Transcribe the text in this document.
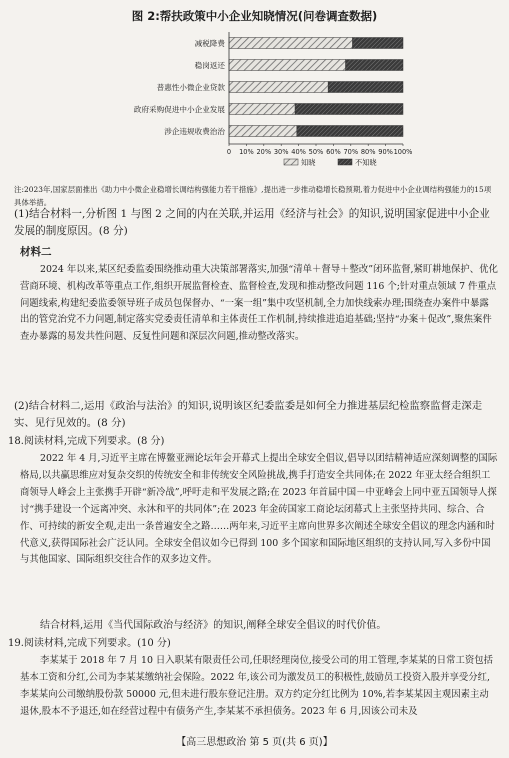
图 2:帮扶政策中小企业知晓情况(问卷调查数据)
减税降费
稳岗返还
普惠性小微企业贷款
政府采购促进中小企业发展
涉企违规收费治治
0 10% 20% 30% 40% 50% 60% 70% 80% 90% 100%
知晓	不知晓
注:2023年,国家层面推出《助力中小微企业稳增长调结构强能力若干措施》,提出进一步推动稳增长稳预期,着力促进中小企业调结构强能力的15项具体举措。
(1)结合材料一,分析图 1 与图 2 之间的内在关联,并运用《经济与社会》的知识,说明国家促进中小企业发展的制度原因。(8 分)
材料二
2024 年以来,某区纪委监委围绕推动重大决策部署落实,加强“清单＋督导＋整改”闭环监督,紧盯耕地保护、优化营商环境、机构改革等重点工作,组织开展监督检查、监督检查,发现和推动整改问题 116 个;针对重点领域 7 件重点问题线索,构建纪委监委领导班子成员包保督办、“一案一组”集中攻坚机制,全力加快线索办理;围绕查办案件中暴露出的管党治党不力问题,制定落实党委责任清单和主体责任工作机制,持续推进追追基础;坚持“办案＋促改”,聚焦案件查办暴露的易发共性问题、反复性问题和深层次问题,推动整改落实。
(2)结合材料二,运用《政治与法治》的知识,说明该区纪委监委是如何全力推进基层纪检监察监督走深走实、见行见效的。(8 分)
18.阅读材料,完成下列要求。(8 分)
2022 年 4 月,习近平主席在博鳌亚洲论坛年会开幕式上提出全球安全倡议,倡导以团结精神适应深刻调整的国际格局,以共赢思维应对复杂交织的传统安全和非传统安全风险挑战,携手打造安全共同体;在 2022 年亚太经合组织工商领导人峰会上主张携手开辟“新冷战”,呼吁走和平发展之路;在 2023 年首届中国－中亚峰会上同中亚五国领导人探讨“携手建设一个远离冲突、永沐和平的共同体”;在 2023 年金砖国家工商论坛闭幕式上主张坚持共同、综合、合作、可持续的新安全观,走出一条普遍安全之路……两年来,习近平主席向世界多次阐述全球安全倡议的理念内涵和时代意义,获得国际社会广泛认同。全球安全倡议如今已得到 100 多个国家和国际地区组织的支持认同,写入多份中国与其他国家、国际组织交往合作的双多边文件。
结合材料,运用《当代国际政治与经济》的知识,阐释全球安全倡议的时代价值。
19.阅读材料,完成下列要求。(10 分)
李某某于 2018 年 7 月 10 日入职某有限责任公司,任职经理岗位,接受公司的用工管理,李某某的日常工资包括基本工资和分红,公司为李某某缴纳社会保险。2022 年,该公司为激发员工的积极性,鼓励员工投资入股并享受分红,李某某向公司缴纳股份款 50000 元,但未进行股东登记注册。双方约定分红比例为 10%,若李某某因主观因素主动退休,股本不予退还,如在经营过程中有债务产生,李某某不承担债务。2023 年 6 月,因该公司未及
【高三思想政治 第 5 页(共 6 页)】
